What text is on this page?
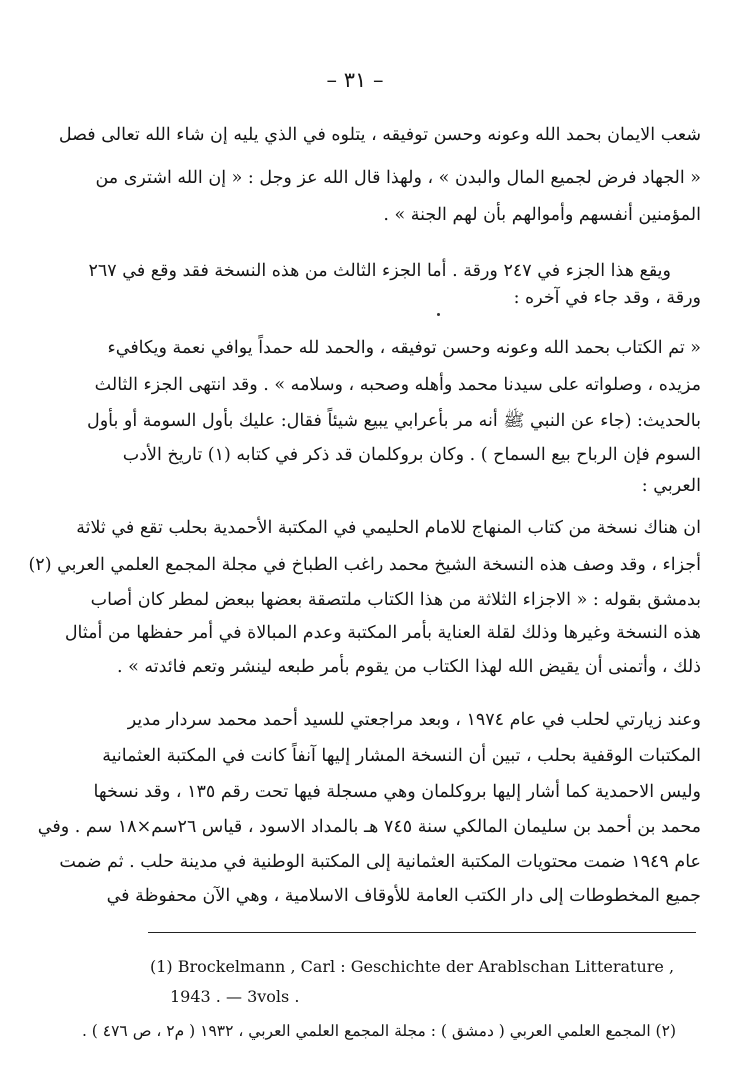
– ٣١ –
شعب الايمان بحمد الله وعونه وحسن توفيقه ، يتلوه في الذي يليه إن شاء الله تعالى فصل
« الجهاد فرض لجميع المال والبدن » ، ولهذا قال الله عز وجل : « إن الله اشترى من
المؤمنين أنفسهم وأموالهم بأن لهم الجنة » .
ويقع هذا الجزء في ٢٤٧ ورقة . أما الجزء الثالث من هذه النسخة فقد وقع في ٢٦٧
ورقة ، وقد جاء في آخره :
« تم الكتاب بحمد الله وعونه وحسن توفيقه ، والحمد لله حمداً يوافي نعمة ويكافيء
مزيده ، وصلواته على سيدنا محمد وأهله وصحبه ، وسلامه » . وقد انتهى الجزء الثالث
بالحديث: (جاء عن النبي ﷺ أنه مر بأعرابي يبيع شيئاً فقال: عليك بأول السومة أو بأول
السوم فإن الرباح بيع السماح ) . وكان بروكلمان قد ذكر في كتابه (١) تاريخ الأدب
العربي :
ان هناك نسخة من كتاب المنهاج للامام الحليمي في المكتبة الأحمدية بحلب تقع في ثلاثة
أجزاء ، وقد وصف هذه النسخة الشيخ محمد راغب الطباخ في مجلة المجمع العلمي العربي (٢)
بدمشق بقوله : « الاجزاء الثلاثة من هذا الكتاب ملتصقة بعضها ببعض لمطر كان أصاب
هذه النسخة وغيرها وذلك لقلة العناية بأمر المكتبة وعدم المبالاة في أمر حفظها من أمثال
ذلك ، وأتمنى أن يقيض الله لهذا الكتاب من يقوم بأمر طبعه لينشر وتعم فائدته » .
وعند زيارتي لحلب في عام ١٩٧٤ ، وبعد مراجعتي للسيد أحمد محمد سردار مدير
المكتبات الوقفية بحلب ، تبين أن النسخة المشار إليها آنفاً كانت في المكتبة العثمانية
وليس الاحمدية كما أشار إليها بروكلمان وهي مسجلة فيها تحت رقم ١٣٥ ، وقد نسخها
محمد بن أحمد بن سليمان المالكي سنة ٧٤٥ هـ بالمداد الاسود ، قياس ٢٦سم×١٨ سم . وفي
عام ١٩٤٩ ضمت محتويات المكتبة العثمانية إلى المكتبة الوطنية في مدينة حلب . ثم ضمت
جميع المخطوطات إلى دار الكتب العامة للأوقاف الاسلامية ، وهي الآن محفوظة في
(1) Brockelmann , Carl : Geschichte der Arablschan Litterature ,
1943 . — 3vols .
(٢) المجمع العلمي العربي ( دمشق ) : مجلة المجمع العلمي العربي ، ١٩٣٢ ( م٢ ، ص ٤٧٦ ) .
